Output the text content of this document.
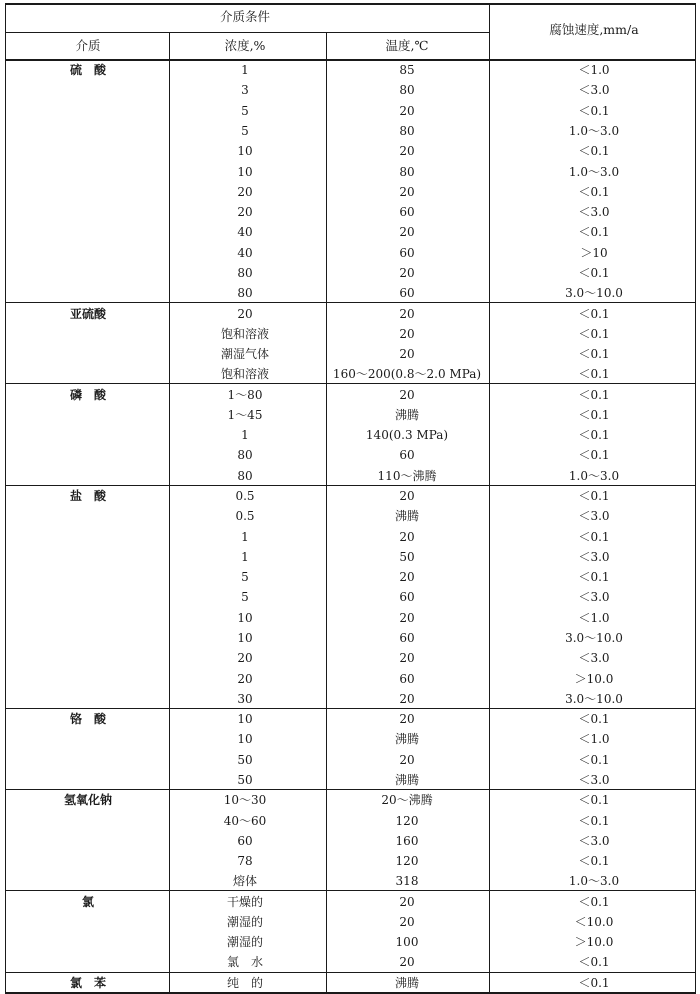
介质条件
介质	浓度,%	温度,℃
腐蚀速度,mm/a
硫　酸	1	85	＜1.0
3	80	＜3.0
5	20	＜0.1
5	80	1.0～3.0
10	20	＜0.1
10	80	1.0～3.0
20	20	＜0.1
20	60	＜3.0
40	20	＜0.1
40	60	＞10
80	20	＜0.1
80	60	3.0～10.0
亚硫酸	20	20	＜0.1
饱和溶液	20	＜0.1
潮湿气体	20	＜0.1
饱和溶液	160～200(0.8～2.0 MPa)	＜0.1
磷　酸	1～80	20	＜0.1
1～45	沸腾	＜0.1
1	140(0.3 MPa)	＜0.1
80	60	＜0.1
80	110～沸腾	1.0～3.0
盐　酸	0.5	20	＜0.1
0.5	沸腾	＜3.0
1	20	＜0.1
1	50	＜3.0
5	20	＜0.1
5	60	＜3.0
10	20	＜1.0
10	60	3.0～10.0
20	20	＜3.0
20	60	＞10.0
30	20	3.0～10.0
铬　酸	10	20	＜0.1
10	沸腾	＜1.0
50	20	＜0.1
50	沸腾	＜3.0
氢氧化钠	10～30	20～沸腾	＜0.1
40～60	120	＜0.1
60	160	＜3.0
78	120	＜0.1
熔体	318	1.0～3.0
氯	干燥的	20	＜0.1
潮湿的	20	＜10.0
潮湿的	100	＞10.0
氯　水	20	＜0.1
氯　苯	纯　的	沸腾	＜0.1
